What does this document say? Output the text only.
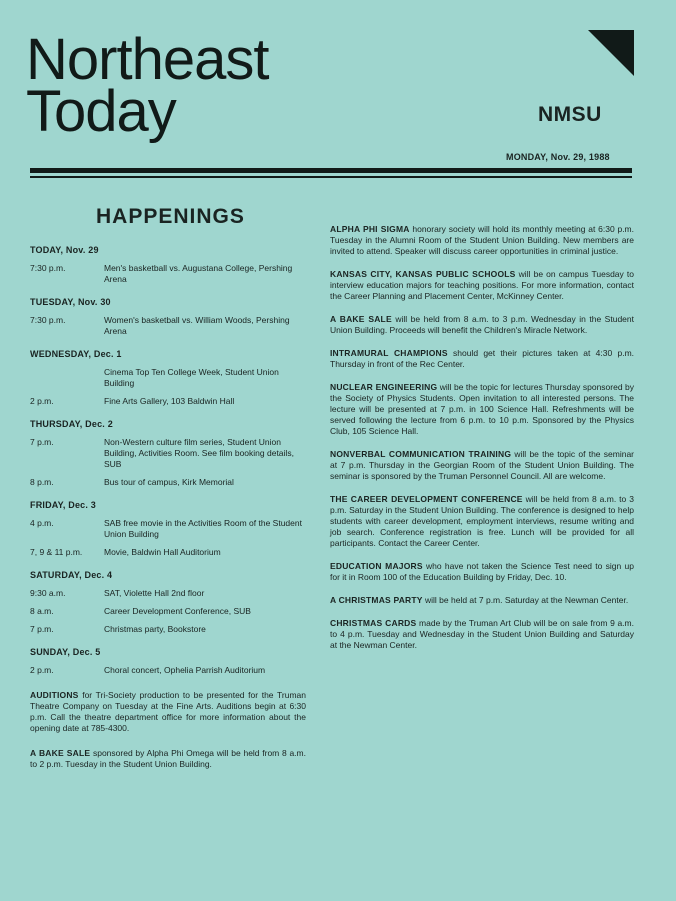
Northeast
Today	NMSU
MONDAY, Nov. 29, 1988
HAPPENINGS
TODAY, Nov. 29
7:30 p.m.	Men's basketball vs. Augustana College, Pershing Arena
TUESDAY, Nov. 30
7:30 p.m.	Women's basketball vs. William Woods, Pershing Arena
WEDNESDAY, Dec. 1
Cinema Top Ten College Week, Student Union Building
2 p.m.	Fine Arts Gallery, 103 Baldwin Hall
THURSDAY, Dec. 2
7 p.m.	Non-Western culture film series, Student Union Building, Activities Room. See film booking details, SUB
8 p.m.	Bus tour of campus, Kirk Memorial
FRIDAY, Dec. 3
4 p.m.	SAB free movie in the Activities Room of the Student Union Building
7, 9 & 11 p.m.	Movie, Baldwin Hall Auditorium
SATURDAY, Dec. 4
9:30 a.m.	SAT, Violette Hall 2nd floor
8 a.m.	Career Development Conference, SUB
7 p.m.	Christmas party, Bookstore
SUNDAY, Dec. 5
2 p.m.	Choral concert, Ophelia Parrish Auditorium

AUDITIONS for Tri-Society production to be presented for the Truman Theatre Company on Tuesday at the Fine Arts. Auditions begin at 6:30 p.m. Call the theatre department office for more information about the opening date at 785-4300.

A BAKE SALE sponsored by Alpha Phi Omega will be held from 8 a.m. to 2 p.m. Tuesday in the Student Union Building.

ALPHA PHI SIGMA honorary society will hold its monthly meeting at 6:30 p.m. Tuesday in the Alumni Room of the Student Union Building. New members are invited to attend. Speaker will discuss career opportunities in criminal justice.

KANSAS CITY, KANSAS PUBLIC SCHOOLS will be on campus Tuesday to interview education majors for teaching positions. For more information, contact the Career Planning and Placement Center, McKinney Center.

A BAKE SALE will be held from 8 a.m. to 3 p.m. Wednesday in the Student Union Building. Proceeds will benefit the Children's Miracle Network.

INTRAMURAL CHAMPIONS should get their pictures taken at 4:30 p.m. Thursday in front of the Rec Center.

NUCLEAR ENGINEERING will be the topic for lectures Thursday sponsored by the Society of Physics Students. Open invitation to all interested persons. The lecture will be presented at 7 p.m. in 100 Science Hall. Refreshments will be served following the lecture from 6 p.m. to 10 p.m. Sponsored by the Physics Club, 105 Science Hall.

NONVERBAL COMMUNICATION TRAINING will be the topic of the seminar at 7 p.m. Thursday in the Georgian Room of the Student Union Building. The seminar is sponsored by the Truman Personnel Council. All are welcome.

THE CAREER DEVELOPMENT CONFERENCE will be held from 8 a.m. to 3 p.m. Saturday in the Student Union Building. The conference is designed to help students with career development, employment interviews, resume writing and job search. Conference registration is free. Lunch will be provided for all participants. Contact the Career Center.

EDUCATION MAJORS who have not taken the Science Test need to sign up for it in Room 100 of the Education Building by Friday, Dec. 10.

A CHRISTMAS PARTY will be held at 7 p.m. Saturday at the Newman Center.

CHRISTMAS CARDS made by the Truman Art Club will be on sale from 9 a.m. to 4 p.m. Tuesday and Wednesday in the Student Union Building and Saturday at the Newman Center.
